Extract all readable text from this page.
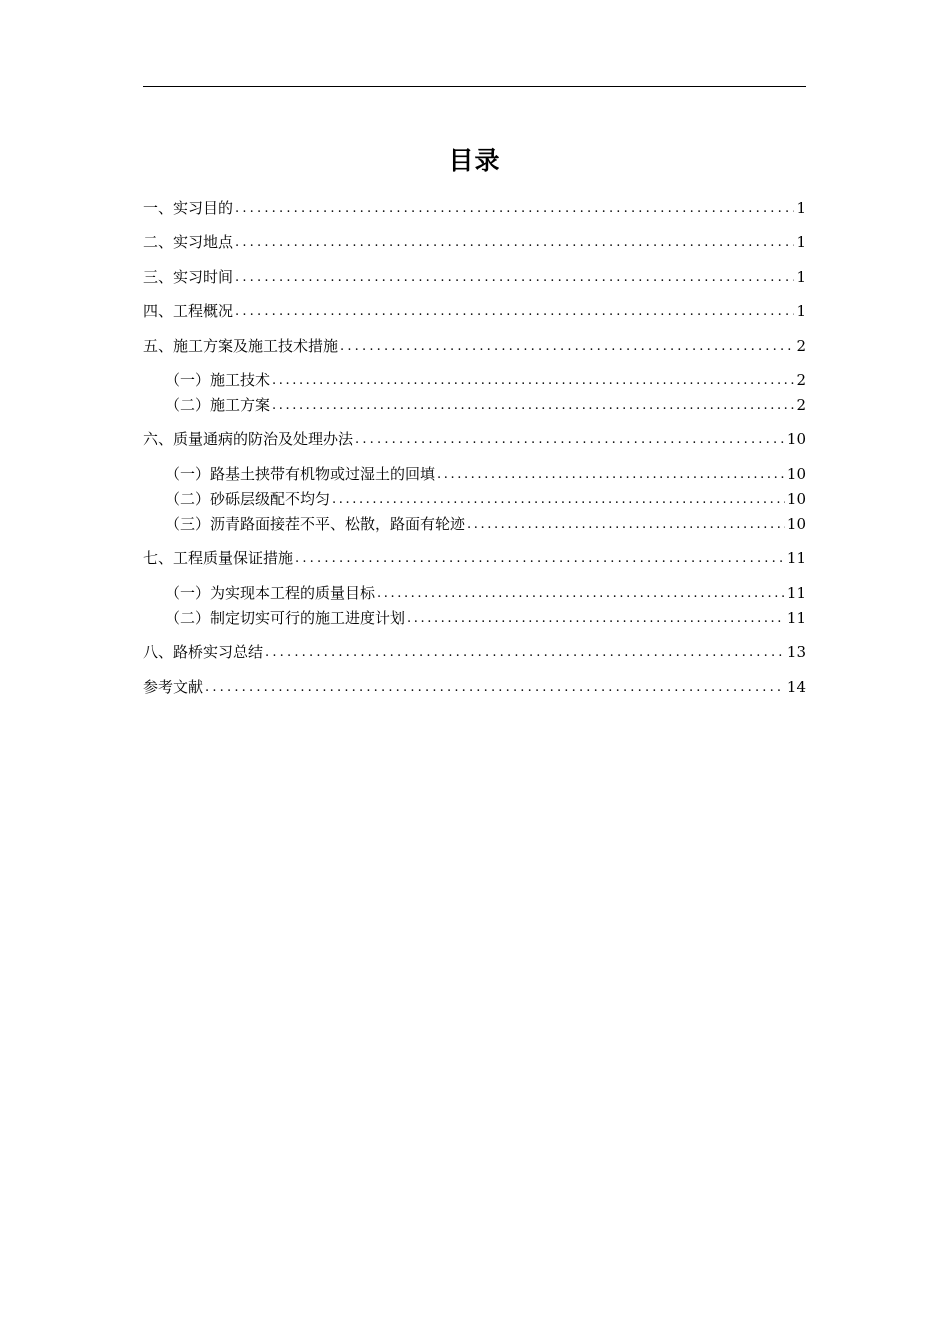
目录
一、实习目的 .....	1
二、实习地点 .....	1
三、实习时间 .....	1
四、工程概况 .....	1
五、施工方案及施工技术措施 .....	2
（一）施工技术 .....	2
（二）施工方案 .....	2
六、质量通病的防治及处理办法 .....	10
（一）路基土挟带有机物或过湿土的回填 .....	10
（二）砂砾层级配不均匀 .....	10
（三）沥青路面接茬不平、松散，路面有轮迹 .....	10
七、工程质量保证措施 .....	11
（一）为实现本工程的质量目标 .....	11
（二）制定切实可行的施工进度计划 .....	11
八、路桥实习总结 .....	13
参考文献 .....	14
